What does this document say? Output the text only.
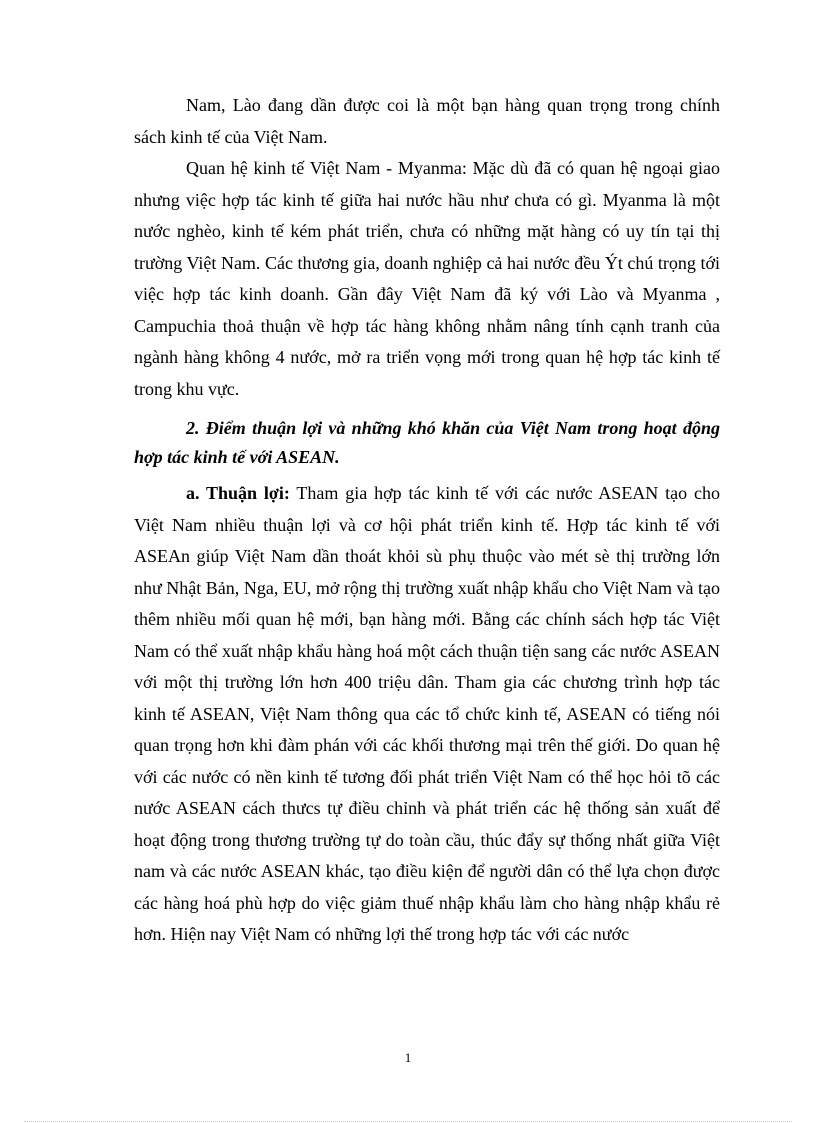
Nam, Lào đang dần được coi là một bạn hàng quan trọng trong chính sách kinh tế của Việt Nam.

Quan hệ kinh tế Việt Nam - Myanma: Mặc dù đã có quan hệ ngoại giao nhưng việc hợp tác kinh tế giữa hai nước hầu như chưa có gì. Myanma là một nước nghèo, kinh tế kém phát triển, chưa có những mặt hàng có uy tín tại thị trường Việt Nam. Các thương gia, doanh nghiệp cả hai nước đều Ýt chú trọng tới việc hợp tác kinh doanh. Gần đây Việt Nam đã ký với Lào và Myanma , Campuchia thoả thuận về hợp tác hàng không nhằm nâng tính cạnh tranh của ngành hàng không 4 nước, mở ra triển vọng mới trong quan hệ hợp tác kinh tế trong khu vực.

2. Điểm thuận lợi và những khó khăn của Việt Nam trong hoạt động hợp tác kinh tế với ASEAN.

a. Thuận lợi: Tham gia hợp tác kinh tế với các nước ASEAN tạo cho Việt Nam nhiều thuận lợi và cơ hội phát triển kinh tế. Hợp tác kinh tế với ASEAn giúp Việt Nam dần thoát khỏi sù phụ thuộc vào mét sè thị trường lớn như Nhật Bản, Nga, EU, mở rộng thị trường xuất nhập khẩu cho Việt Nam và tạo thêm nhiều mối quan hệ mới, bạn hàng mới. Bằng các chính sách hợp tác Việt Nam có thể xuất nhập khẩu hàng hoá một cách thuận tiện sang các nước ASEAN với một thị trường lớn hơn 400 triệu dân. Tham gia các chương trình hợp tác kinh tế ASEAN, Việt Nam thông qua các tổ chức kinh tế, ASEAN có tiếng nói quan trọng hơn khi đàm phán với các khối thương mại trên thế giới. Do quan hệ với các nước có nền kinh tế tương đối phát triển Việt Nam có thể học hỏi tõ các nước ASEAN cách thưcs tự điều chỉnh và phát triển các hệ thống sản xuất để hoạt động trong thương trường tự do toàn cầu, thúc đẩy sự thống nhất giữa Việt nam và các nước ASEAN khác, tạo điều kiện để người dân có thể lựa chọn được các hàng hoá phù hợp do việc giảm thuế nhập khẩu làm cho hàng nhập khẩu rẻ hơn. Hiện nay Việt Nam có những lợi thế trong hợp tác với các nước

1
